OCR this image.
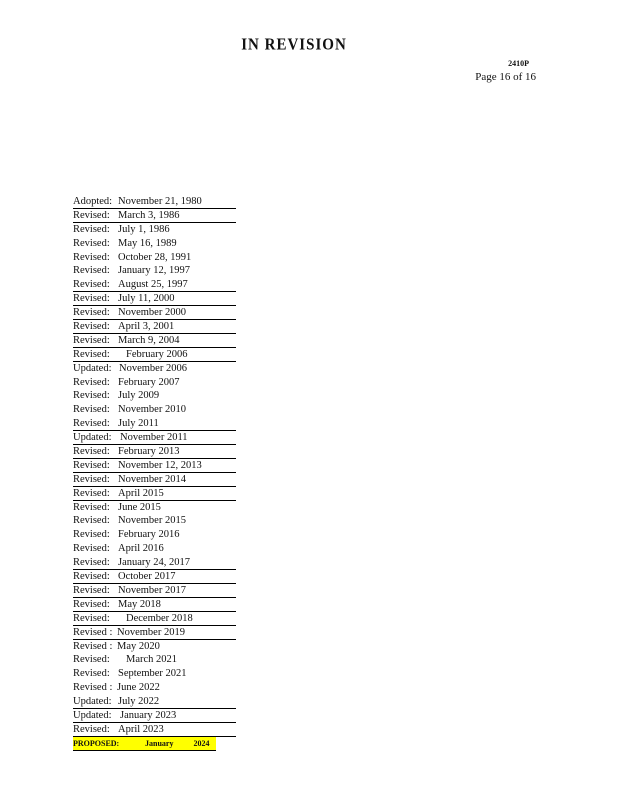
IN REVISION
2410P
Page 16 of 16
Adopted: November 21, 1980
Revised: March 3, 1986
Revised: July 1, 1986
Revised: May 16, 1989
Revised: October 28, 1991
Revised: January 12, 1997
Revised: August 25, 1997
Revised: July 11, 2000
Revised: November 2000
Revised: April 3, 2001
Revised: March 9, 2004
Revised: February 2006
Updated: November 2006
Revised: February 2007
Revised: July 2009
Revised: November 2010
Revised: July 2011
Updated: November 2011
Revised: February 2013
Revised: November 12, 2013
Revised: November 2014
Revised: April 2015
Revised: June 2015
Revised: November 2015
Revised: February 2016
Revised: April 2016
Revised: January 24, 2017
Revised: October 2017
Revised: November 2017
Revised: May 2018
Revised: December 2018
Revised : November 2019
Revised : May 2020
Revised: March 2021
Revised: September 2021
Revised : June 2022
Updated: July 2022
Updated: January 2023
Revised: April 2023
PROPOSED:	January 2024
